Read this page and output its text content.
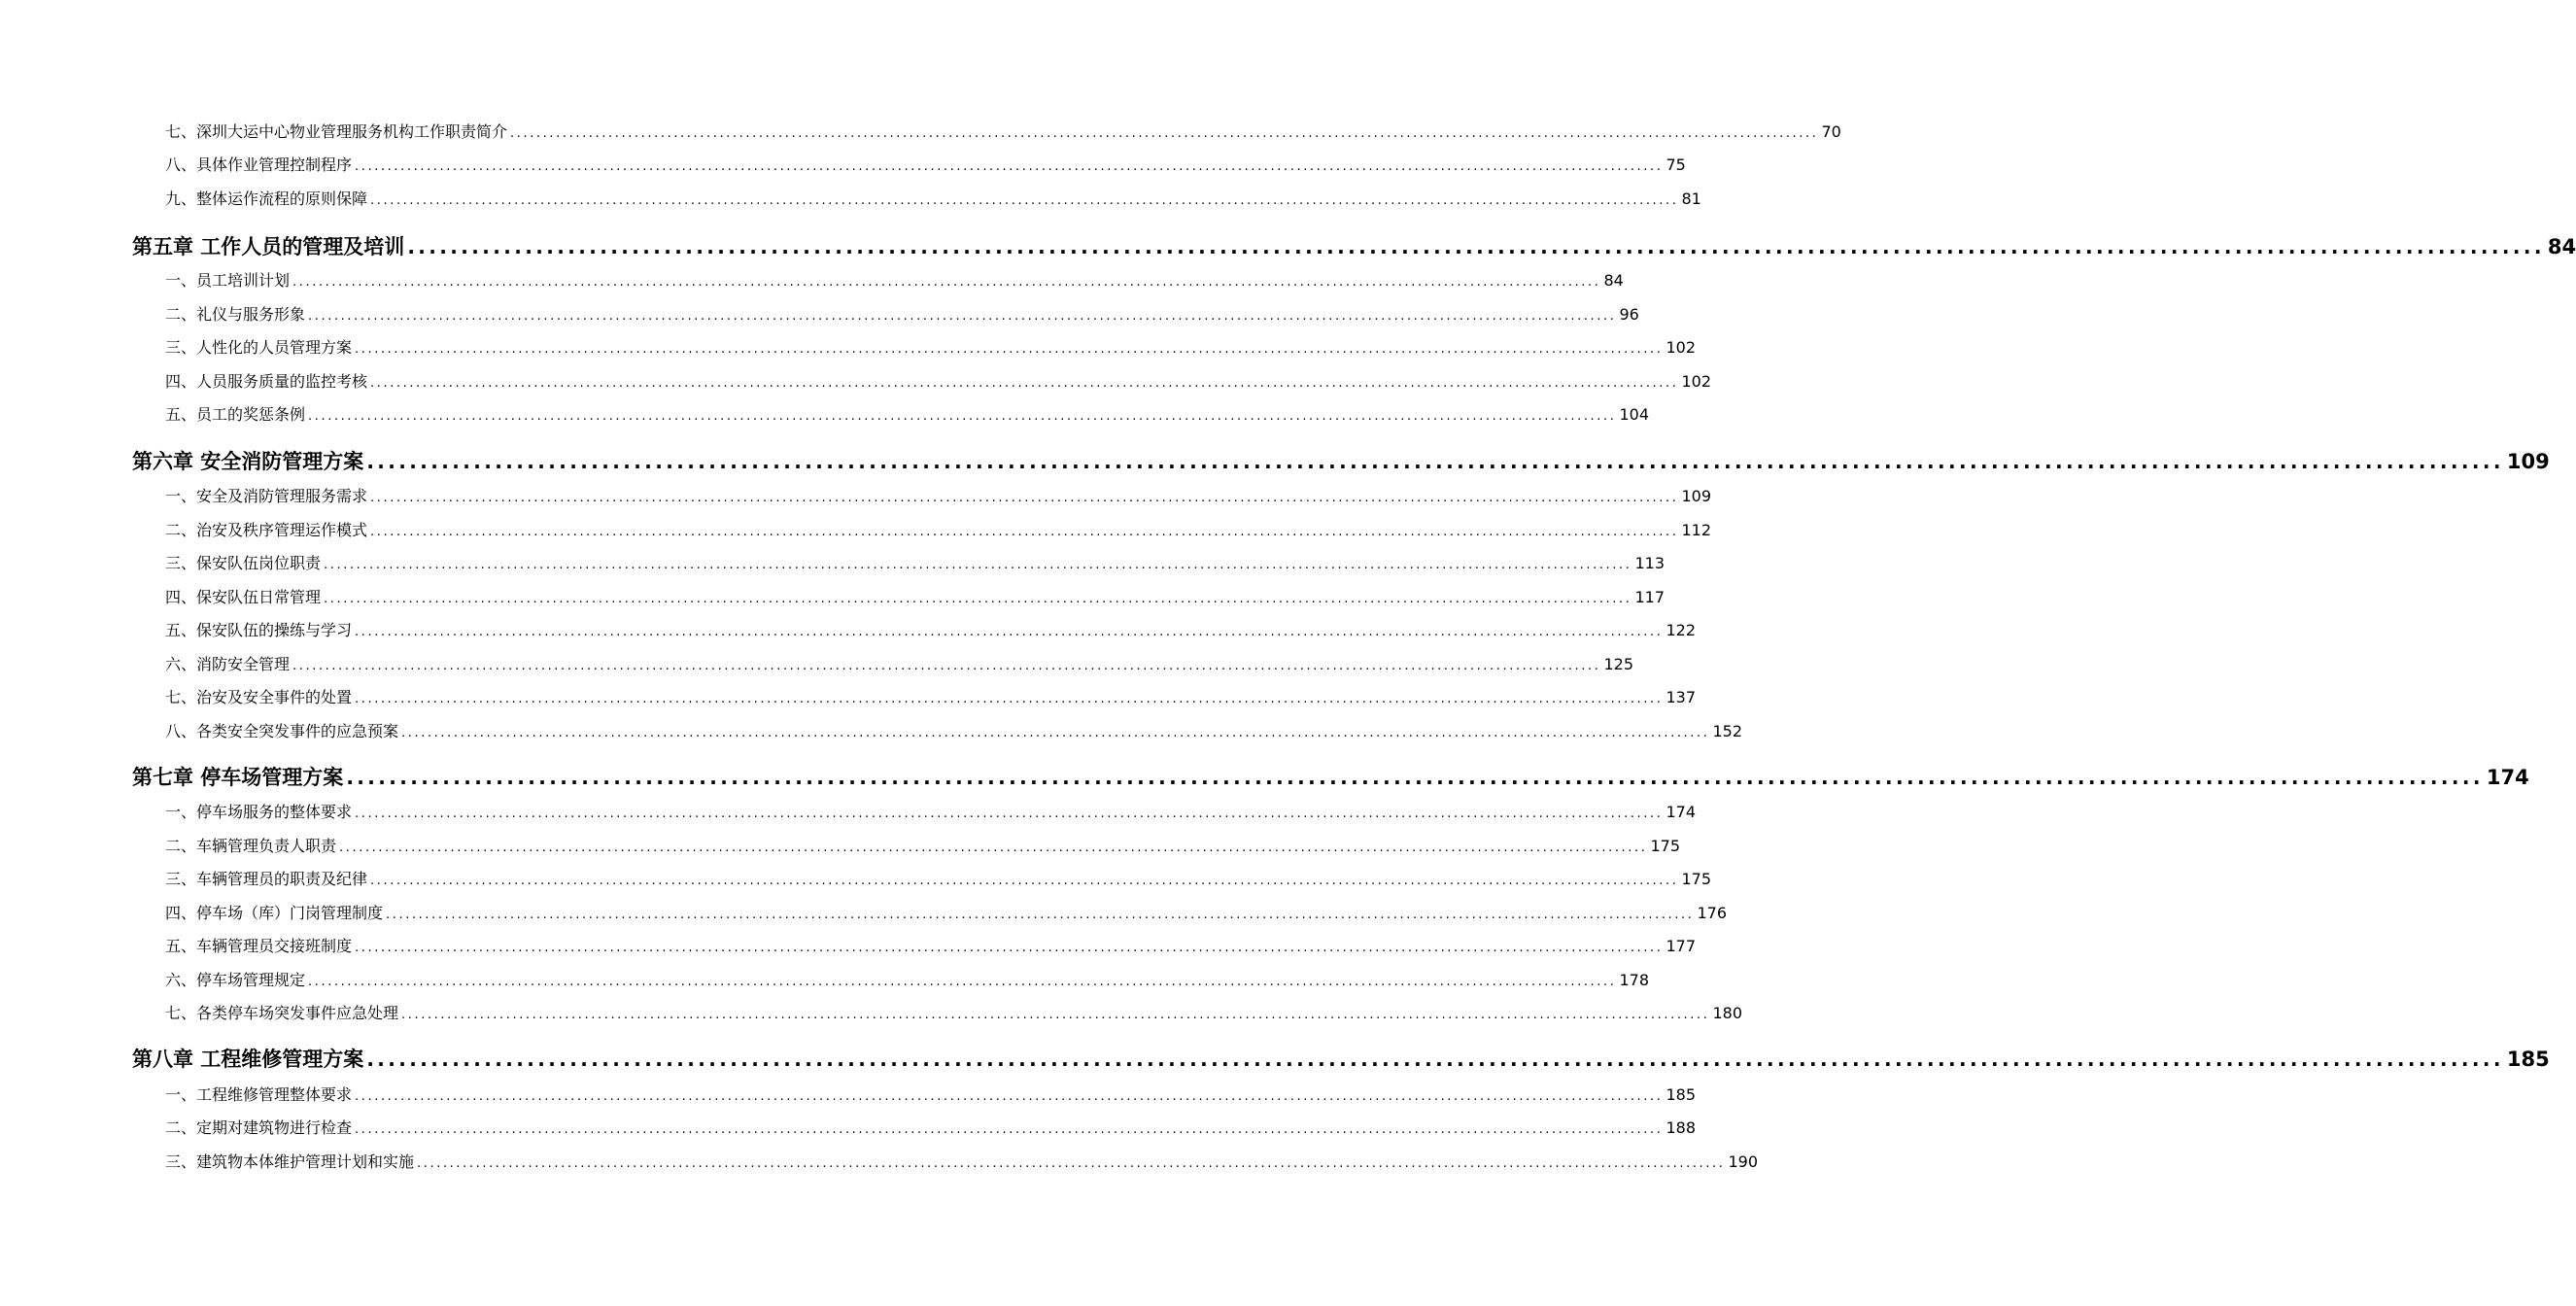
七、深圳大运中心物业管理服务机构工作职责简介 ........................................................................................................................................................................................................ 70
八、具体作业管理控制程序 ........................................................................................................................................................................................................ 75
九、整体运作流程的原则保障 ........................................................................................................................................................................................................ 81
第五章 工作人员的管理及培训 ........................................................................................................................................................................................................ 84
一、员工培训计划 ........................................................................................................................................................................................................ 84
二、礼仪与服务形象 ........................................................................................................................................................................................................ 96
三、人性化的人员管理方案 ........................................................................................................................................................................................................ 102
四、人员服务质量的监控考核 ........................................................................................................................................................................................................ 102
五、员工的奖惩条例 ........................................................................................................................................................................................................ 104
第六章 安全消防管理方案 ........................................................................................................................................................................................................ 109
一、安全及消防管理服务需求 ........................................................................................................................................................................................................ 109
二、治安及秩序管理运作模式 ........................................................................................................................................................................................................ 112
三、保安队伍岗位职责 ........................................................................................................................................................................................................ 113
四、保安队伍日常管理 ........................................................................................................................................................................................................ 117
五、保安队伍的操练与学习 ........................................................................................................................................................................................................ 122
六、消防安全管理 ........................................................................................................................................................................................................ 125
七、治安及安全事件的处置 ........................................................................................................................................................................................................ 137
八、各类安全突发事件的应急预案 ........................................................................................................................................................................................................ 152
第七章 停车场管理方案 ........................................................................................................................................................................................................ 174
一、停车场服务的整体要求 ........................................................................................................................................................................................................ 174
二、车辆管理负责人职责 ........................................................................................................................................................................................................ 175
三、车辆管理员的职责及纪律 ........................................................................................................................................................................................................ 175
四、停车场（库）门岗管理制度 ........................................................................................................................................................................................................ 176
五、车辆管理员交接班制度 ........................................................................................................................................................................................................ 177
六、停车场管理规定 ........................................................................................................................................................................................................ 178
七、各类停车场突发事件应急处理 ........................................................................................................................................................................................................ 180
第八章 工程维修管理方案 ........................................................................................................................................................................................................ 185
一、工程维修管理整体要求 ........................................................................................................................................................................................................ 185
二、定期对建筑物进行检查 ........................................................................................................................................................................................................ 188
三、建筑物本体维护管理计划和实施 ........................................................................................................................................................................................................ 190
